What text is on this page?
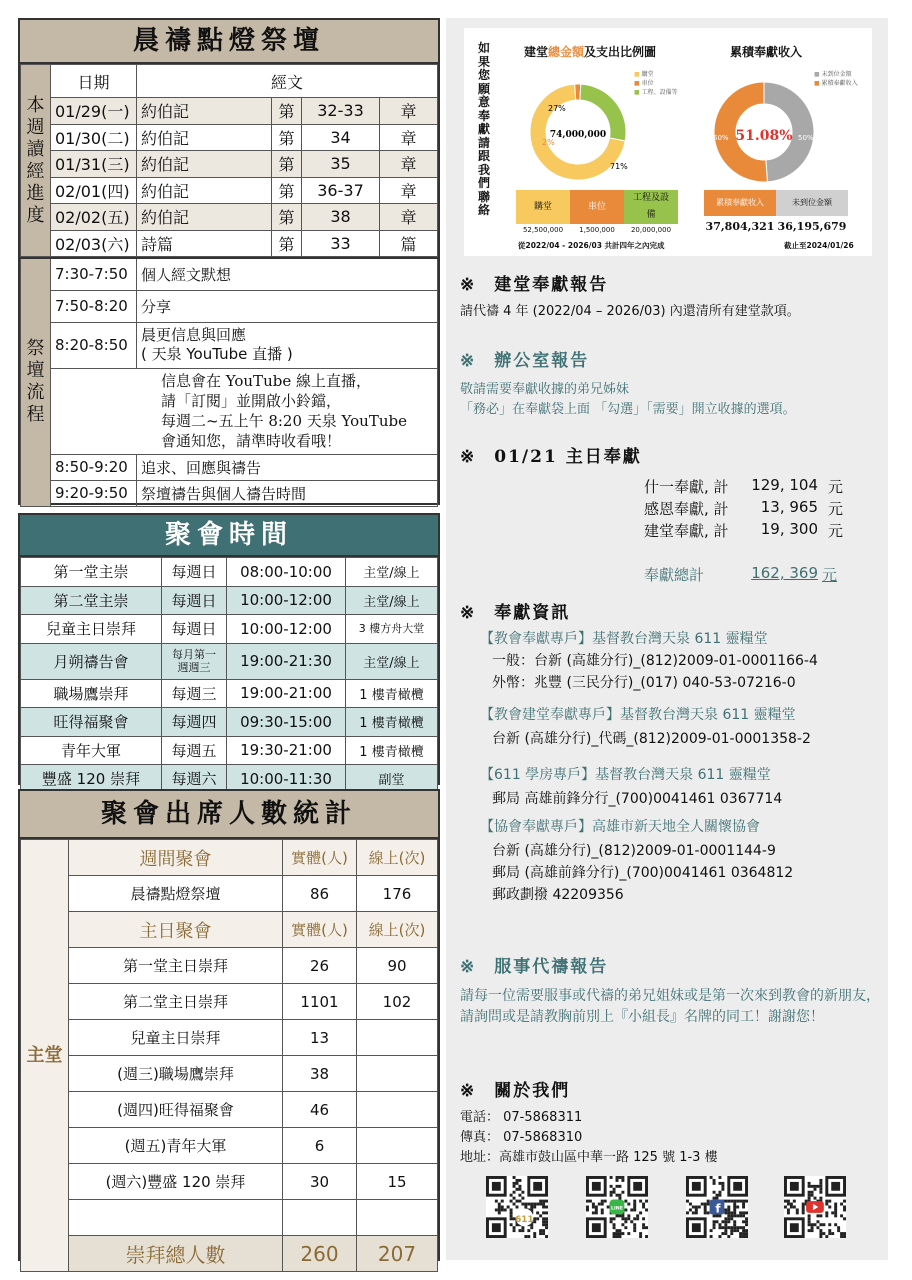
晨禱點燈祭壇
本週讀經進度	日期	經文			
	01/29(一)	約伯記	第	32-33	章
	01/30(二)	約伯記	第	34	章
	01/31(三)	約伯記	第	35	章
	02/01(四)	約伯記	第	36-37	章
	02/02(五)	約伯記	第	38	章
	02/03(六)	詩篇	第	33	篇
祭壇流程	7:30-7:50	個人經文默想
	7:50-8:20	分享
	8:20-8:50	晨更信息與回應
( 天泉 YouTube 直播 )

	信息會在 YouTube 線上直播，
請「訂閱」並開啟小鈴鐺，
每週二~五上午 8:20 天泉 YouTube
會通知您，請準時收看哦！	

	8:50-9:20	追求、回應與禱告
	9:20-9:50	祭壇禱告與個人禱告時間
聚會時間
第一堂主崇	每週日	08:00-10:00	主堂/線上
第二堂主崇	每週日	10:00-12:00	主堂/線上
兒童主日崇拜	每週日	10:00-12:00	3 樓方舟大堂
月朔禱告會	每月第一週週三	19:00-21:30	主堂/線上
職場鷹崇拜	每週三	19:00-21:00	1 樓青橄欖
旺得福聚會	每週四	09:30-15:00	1 樓青橄欖
青年大軍	每週五	19:30-21:00	1 樓青橄欖
豐盛 120 崇拜	每週六	10:00-11:30	副堂
聚會出席人數統計
主堂	週間聚會	實體(人)	線上(次)
	晨禱點燈祭壇	86	176
	主日聚會	實體(人)	線上(次)
	第一堂主日崇拜	26	90
	第二堂主日崇拜	1101	102
	兒童主日崇拜	13	
	(週三)職場鷹崇拜	38	
	(週四)旺得福聚會	46	
	(週五)青年大軍	6	
	(週六)豐盛 120 崇拜	30	15

	崇拜總人數	260	207
如果您願意奉獻請跟我們聯絡
建堂總金額及支出比例圖	累積奉獻收入
■ 購堂
■ 車位
■ 工程、設備等
■ 未到位金額
■ 累積奉獻收入
74,000,000	51.08%
71%
2%
27%
50%	50%
購堂	車位
工程及設備
52,500,000	1,500,000	20,000,000
累積奉獻收入	未到位金額
37,804,321 36,195,679
從2022/04 - 2026/03 共計四年之內完成	截止至2024/01/26
※ 建堂奉獻報告
請代禱 4 年 (2022/04 – 2026/03) 內還清所有建堂款項。
※ 辦公室報告
敬請需要奉獻收據的弟兄姊妹
「務必」在奉獻袋上面 「勾選」「需要」開立收據的選項。
※ 01/21 主日奉獻
什一奉獻, 計	129, 104 元
感恩奉獻, 計	13, 965 元
建堂奉獻, 計	19, 300 元
奉獻總計	162, 369 元
※ 奉獻資訊
【教會奉獻專戶】基督教台灣天泉 611 靈糧堂
一般：台新 (高雄分行)_(812)2009-01-0001166-4
外幣：兆豐 (三民分行)_(017) 040-53-07216-0
【教會建堂奉獻專戶】基督教台灣天泉 611 靈糧堂
台新 (高雄分行)_代碼_(812)2009-01-0001358-2
【611 學房專戶】基督教台灣天泉 611 靈糧堂
郵局 高雄前鋒分行_(700)0041461 0367714
【協會奉獻專戶】高雄市新天地全人關懷協會
台新 (高雄分行)_(812)2009-01-0001144-9
郵局 (高雄前鋒分行)_(700)0041461 0364812
郵政劃撥 42209356
※ 服事代禱報告
請每一位需要服事或代禱的弟兄姐妹或是第一次來到教會的新朋友，請詢問或是請教胸前別上『小組長』名牌的同工！謝謝您！
※ 關於我們
電話： 07-5868311
傳真： 07-5868310
地址：高雄市鼓山區中華一路 125 號 1-3 樓
611
LINE	f
